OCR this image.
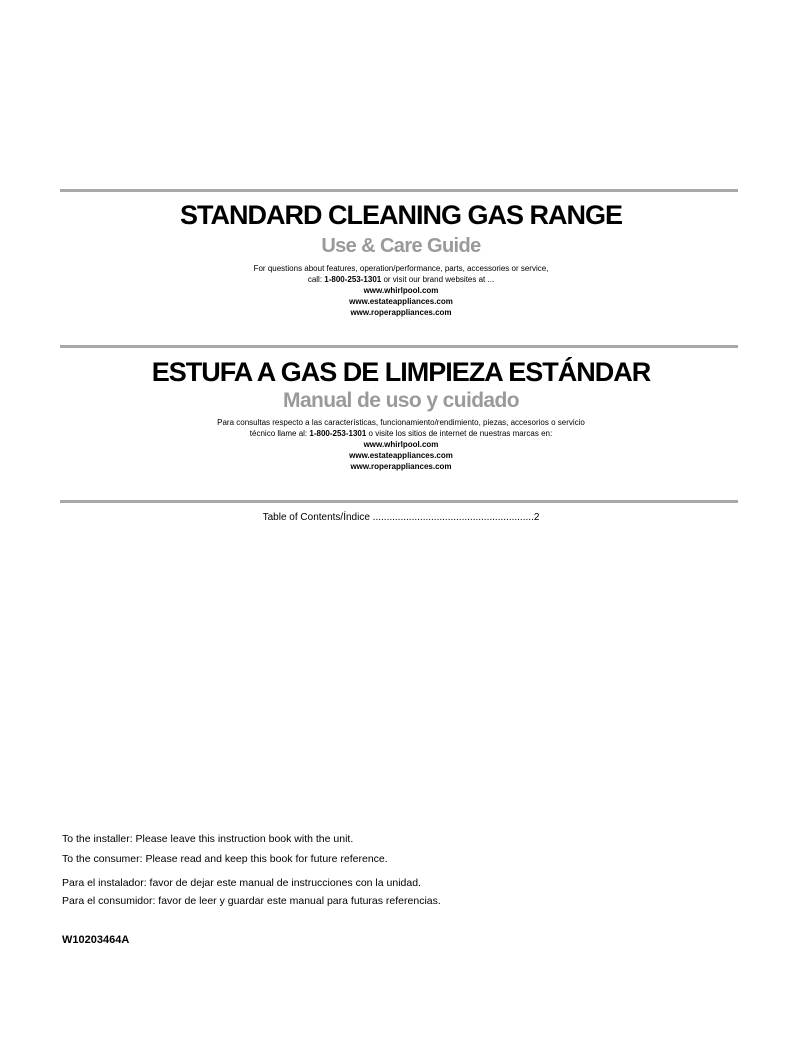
STANDARD CLEANING GAS RANGE
Use & Care Guide
For questions about features, operation/performance, parts, accessories or service,
call: 1-800-253-1301 or visit our brand websites at ...
www.whirlpool.com
www.estateappliances.com
www.roperappliances.com
ESTUFA A GAS DE LIMPIEZA ESTÁNDAR
Manual de uso y cuidado
Para consultas respecto a las características, funcionamiento/rendimiento, piezas, accesorios o servicio
técnico llame al: 1-800-253-1301 o visite los sitios de internet de nuestras marcas en:
www.whirlpool.com
www.estateappliances.com
www.roperappliances.com
Table of Contents/Índice ..........................................................2

To the installer: Please leave this instruction book with the unit.

To the consumer: Please read and keep this book for future reference.

Para el instalador: favor de dejar este manual de instrucciones con la unidad.

Para el consumidor: favor de leer y guardar este manual para futuras referencias.

W10203464A
